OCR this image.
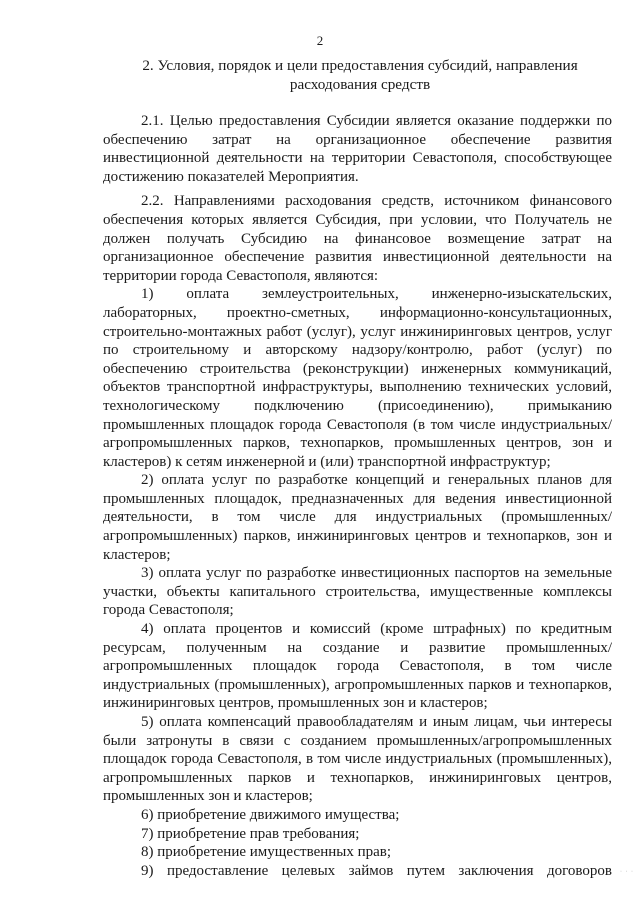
2
2. Условия, порядок и цели предоставления субсидий, направления расходования средств

2.1. Целью предоставления Субсидии является оказание поддержки по обеспечению затрат на организационное обеспечение развития инвестиционной деятельности на территории Севастополя, способствующее достижению показателей Мероприятия.

2.2. Направлениями расходования средств, источником финансового обеспечения которых является Субсидия, при условии, что Получатель не должен получать Субсидию на финансовое возмещение затрат на организационное обеспечение развития инвестиционной деятельности на территории города Севастополя, являются:

1) оплата землеустроительных, инженерно-изыскательских, лабораторных, проектно-сметных, информационно-консультационных, строительно-монтажных работ (услуг), услуг инжиниринговых центров, услуг по строительному и авторскому надзору/контролю, работ (услуг) по обеспечению строительства (реконструкции) инженерных коммуникаций, объектов транспортной инфраструктуры, выполнению технических условий, технологическому подключению (присоединению), примыканию промышленных площадок города Севастополя (в том числе индустриальных/агропромышленных парков, технопарков, промышленных центров, зон и кластеров) к сетям инженерной и (или) транспортной инфраструктур;

2) оплата услуг по разработке концепций и генеральных планов для промышленных площадок, предназначенных для ведения инвестиционной деятельности, в том числе для индустриальных (промышленных/агропромышленных) парков, инжиниринговых центров и технопарков, зон и кластеров;

3) оплата услуг по разработке инвестиционных паспортов на земельные участки, объекты капитального строительства, имущественные комплексы города Севастополя;

4) оплата процентов и комиссий (кроме штрафных) по кредитным ресурсам, полученным на создание и развитие промышленных/агропромышленных площадок города Севастополя, в том числе индустриальных (промышленных), агропромышленных парков и технопарков, инжиниринговых центров, промышленных зон и кластеров;

5) оплата компенсаций правообладателям и иным лицам, чьи интересы были затронуты в связи с созданием промышленных/агропромышленных площадок города Севастополя, в том числе индустриальных (промышленных), агропромышленных парков и технопарков, инжиниринговых центров, промышленных зон и кластеров;

6) приобретение движимого имущества;

7) приобретение прав требования;

8) приобретение имущественных прав;

9) предоставление целевых займов путем заключения договоров · · ·
